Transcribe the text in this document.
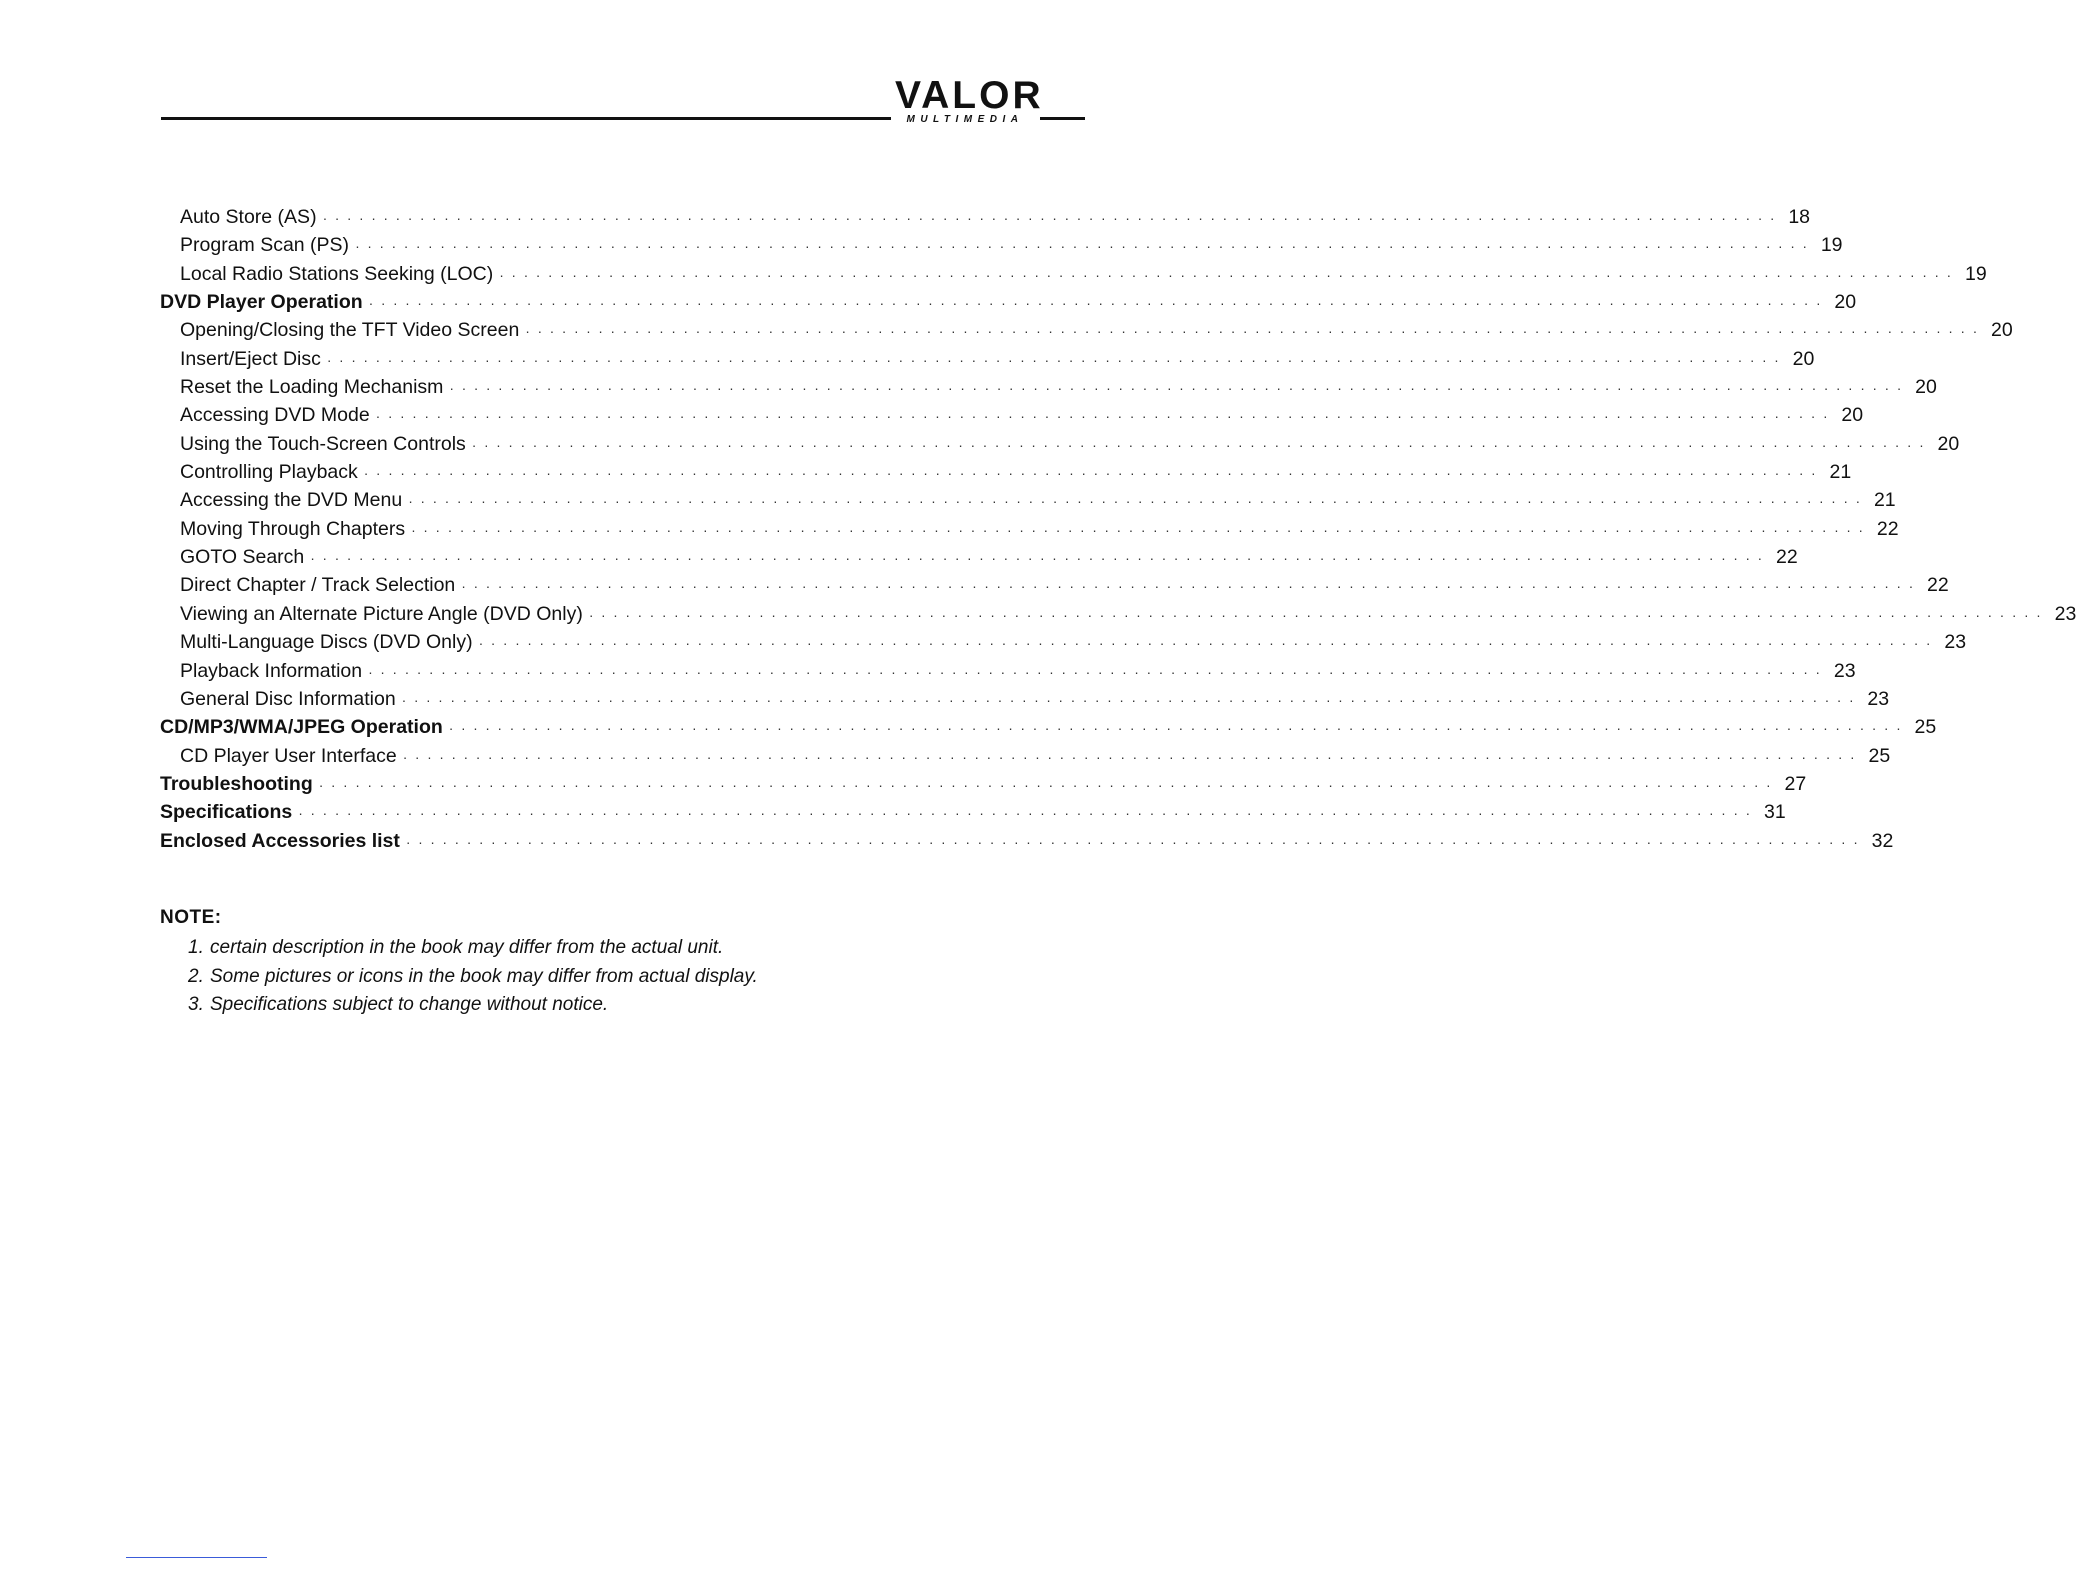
VALOR
MULTIMEDIA
Auto Store (AS) ························································································································ 18
Program Scan (PS) ························································································································ 19
Local Radio Stations Seeking (LOC) ························································································································ 19
DVD Player Operation ························································································································ 20
Opening/Closing the TFT Video Screen ························································································································ 20
Insert/Eject Disc ························································································································ 20
Reset the Loading Mechanism ························································································································ 20
Accessing DVD Mode ························································································································ 20
Using the Touch-Screen Controls ························································································································ 20
Controlling Playback ························································································································ 21
Accessing the DVD Menu ························································································································ 21
Moving Through Chapters ························································································································ 22
GOTO Search ························································································································ 22
Direct Chapter / Track Selection ························································································································ 22
Viewing an Alternate Picture Angle (DVD Only) ························································································································ 23
Multi-Language Discs (DVD Only) ························································································································ 23
Playback Information ························································································································ 23
General Disc Information ························································································································ 23
CD/MP3/WMA/JPEG Operation ························································································································ 25
CD Player User Interface ························································································································ 25
Troubleshooting ························································································································ 27
Specifications ························································································································ 31
Enclosed Accessories list ························································································································ 32
NOTE:
1. certain description in the book may differ from the actual unit.
2. Some pictures or icons in the book may differ from actual display.
3. Specifications subject to change without notice.
